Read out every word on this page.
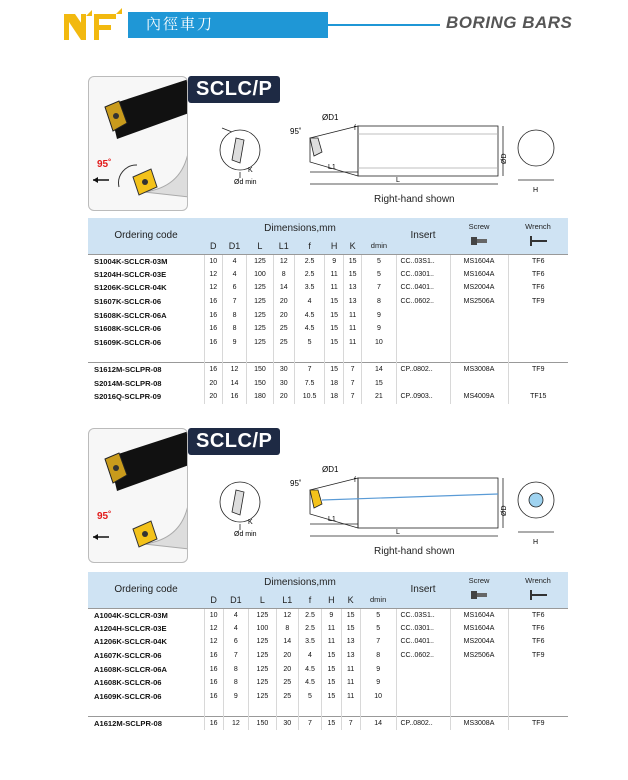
內徑車刀	BORING BARS
95˚
SCLC/P
ØD1
95˚
K
Ød min
L1
L
ØD
H
f
Right-hand shown
Ordering code	Dimensions,mm								Insert	Screw	Wrench

	D	D1	L	L1	f	H	K	dmin			
S1004K-SCLCR-03M	10	4	125	12	2.5	9	15	5	CC..03S1..	MS1604A	TF6
S1204H-SCLCR-03E	12	4	100	8	2.5	11	15	5	CC..0301..	MS1604A	TF6
S1206K-SCLCR-04K	12	6	125	14	3.5	11	13	7	CC..0401..	MS2004A	TF6
S1607K-SCLCR-06	16	7	125	20	4	15	13	8	CC..0602..	MS2506A	TF9
S1608K-SCLCR-06A	16	8	125	20	4.5	15	11	9			
S1608K-SCLCR-06	16	8	125	25	4.5	15	11	9			
S1609K-SCLCR-06	16	9	125	25	5	15	11	10			

S1612M-SCLPR-08	16	12	150	30	7	15	7	14	CP..0802..	MS3008A	TF9
S2014M-SCLPR-08	20	14	150	30	7.5	18	7	15			
S2016Q-SCLPR-09	20	16	180	20	10.5	18	7	21	CP..0903..	MS4009A	TF15
95˚
SCLC/P
ØD1
95˚
K
Ød min
L1
L
ØD
H
f
Right-hand shown
Ordering code	Dimensions,mm								Insert	Screw	Wrench

	D	D1	L	L1	f	H	K	dmin			
A1004K-SCLCR-03M	10	4	125	12	2.5	9	15	5	CC..03S1..	MS1604A	TF6
A1204H-SCLCR-03E	12	4	100	8	2.5	11	15	5	CC..0301..	MS1604A	TF6
A1206K-SCLCR-04K	12	6	125	14	3.5	11	13	7	CC..0401..	MS2004A	TF6
A1607K-SCLCR-06	16	7	125	20	4	15	13	8	CC..0602..	MS2506A	TF9
A1608K-SCLCR-06A	16	8	125	20	4.5	15	11	9			
A1608K-SCLCR-06	16	8	125	25	4.5	15	11	9			
A1609K-SCLCR-06	16	9	125	25	5	15	11	10			

A1612M-SCLPR-08	16	12	150	30	7	15	7	14	CP..0802..	MS3008A	TF9
